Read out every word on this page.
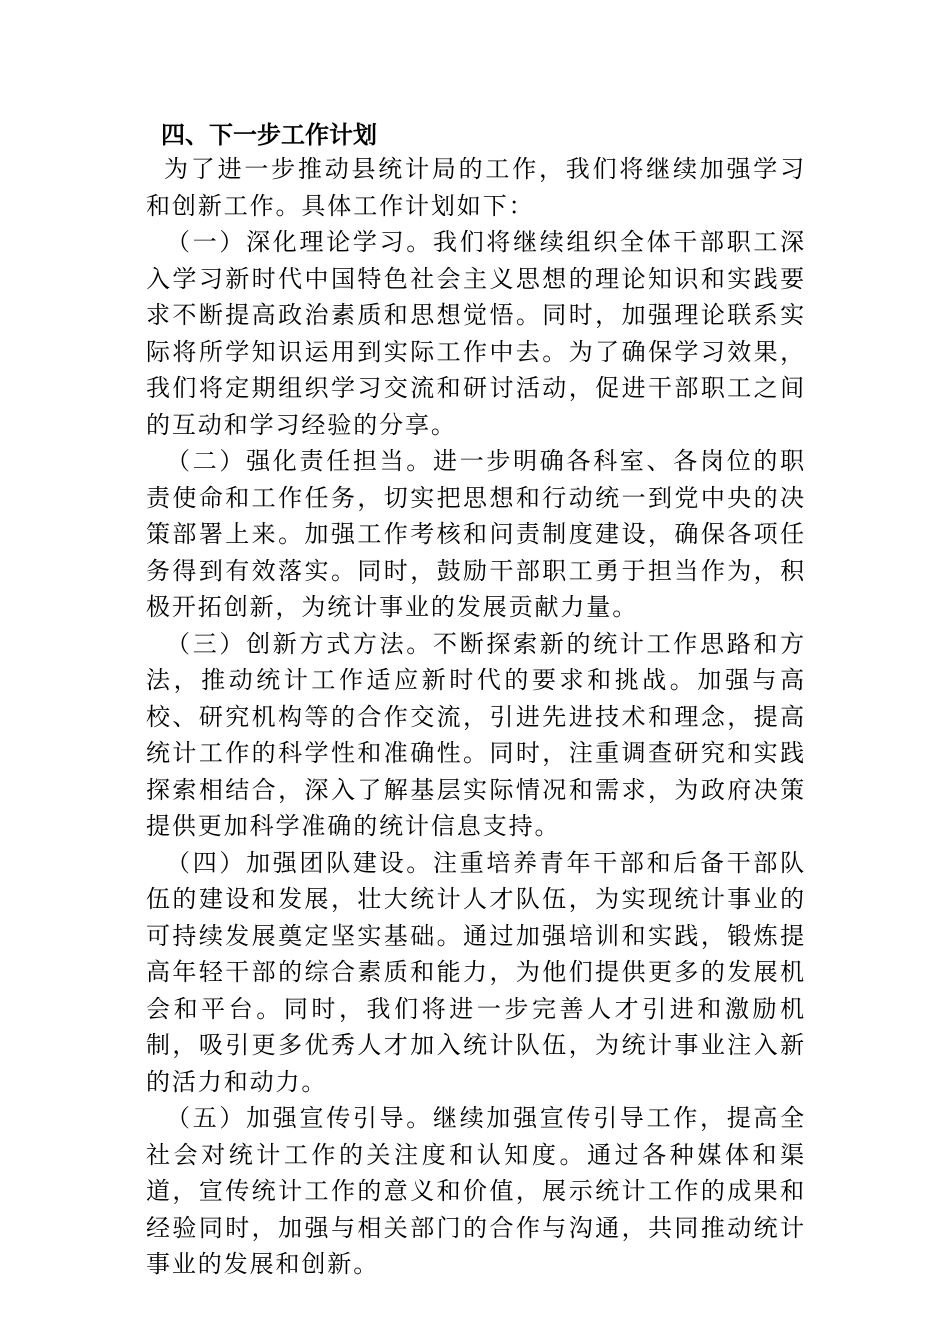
四、下一步工作计划

为了进一步推动县统计局的工作，我们将继续加强学习和创新工作。具体工作计划如下：

（一）深化理论学习。我们将继续组织全体干部职工深入学习新时代中国特色社会主义思想的理论知识和实践要求不断提高政治素质和思想觉悟。同时，加强理论联系实际将所学知识运用到实际工作中去。为了确保学习效果，我们将定期组织学习交流和研讨活动，促进干部职工之间的互动和学习经验的分享。

（二）强化责任担当。进一步明确各科室、各岗位的职责使命和工作任务，切实把思想和行动统一到党中央的决策部署上来。加强工作考核和问责制度建设，确保各项任务得到有效落实。同时，鼓励干部职工勇于担当作为，积极开拓创新，为统计事业的发展贡献力量。

（三）创新方式方法。不断探索新的统计工作思路和方法，推动统计工作适应新时代的要求和挑战。加强与高校、研究机构等的合作交流，引进先进技术和理念，提高统计工作的科学性和准确性。同时，注重调查研究和实践探索相结合，深入了解基层实际情况和需求，为政府决策提供更加科学准确的统计信息支持。

（四）加强团队建设。注重培养青年干部和后备干部队伍的建设和发展，壮大统计人才队伍，为实现统计事业的可持续发展奠定坚实基础。通过加强培训和实践，锻炼提高年轻干部的综合素质和能力，为他们提供更多的发展机会和平台。同时，我们将进一步完善人才引进和激励机制，吸引更多优秀人才加入统计队伍，为统计事业注入新的活力和动力。

（五）加强宣传引导。继续加强宣传引导工作，提高全社会对统计工作的关注度和认知度。通过各种媒体和渠道，宣传统计工作的意义和价值，展示统计工作的成果和经验同时，加强与相关部门的合作与沟通，共同推动统计事业的发展和创新。
